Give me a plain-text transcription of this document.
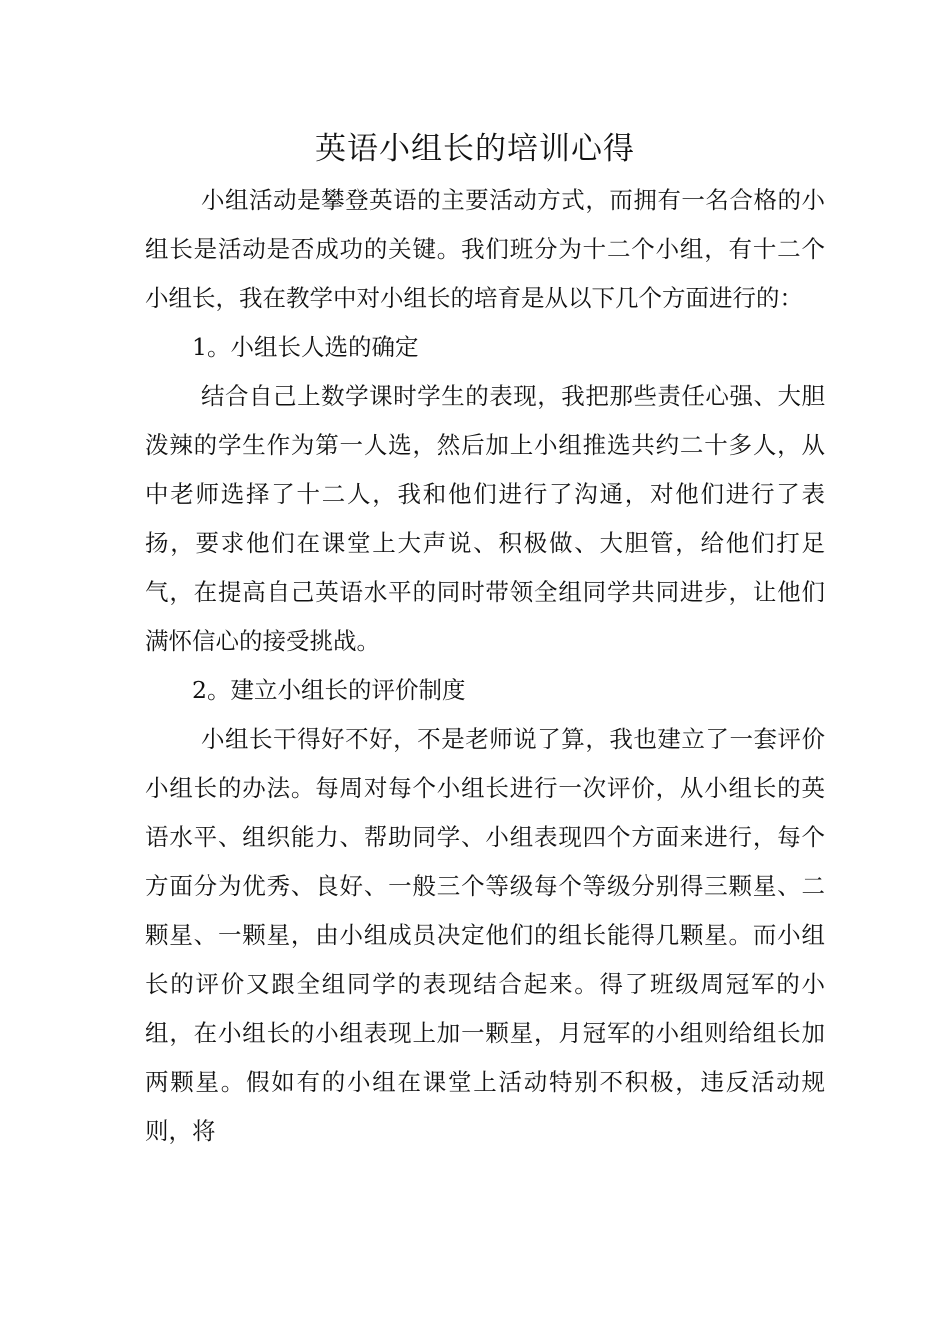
英语小组长的培训心得

小组活动是攀登英语的主要活动方式，而拥有一名合格的小组长是活动是否成功的关键。我们班分为十二个小组，有十二个小组长，我在教学中对小组长的培育是从以下几个方面进行的：

1。小组长人选的确定

结合自己上数学课时学生的表现，我把那些责任心强、大胆泼辣的学生作为第一人选，然后加上小组推选共约二十多人，从中老师选择了十二人，我和他们进行了沟通，对他们进行了表扬，要求他们在课堂上大声说、积极做、大胆管，给他们打足气，在提高自己英语水平的同时带领全组同学共同进步，让他们满怀信心的接受挑战。

2。建立小组长的评价制度

小组长干得好不好，不是老师说了算，我也建立了一套评价小组长的办法。每周对每个小组长进行一次评价，从小组长的英语水平、组织能力、帮助同学、小组表现四个方面来进行，每个方面分为优秀、良好、一般三个等级每个等级分别得三颗星、二颗星、一颗星，由小组成员决定他们的组长能得几颗星。而小组长的评价又跟全组同学的表现结合起来。得了班级周冠军的小组，在小组长的小组表现上加一颗星，月冠军的小组则给组长加两颗星。假如有的小组在课堂上活动特别不积极，违反活动规则，将
